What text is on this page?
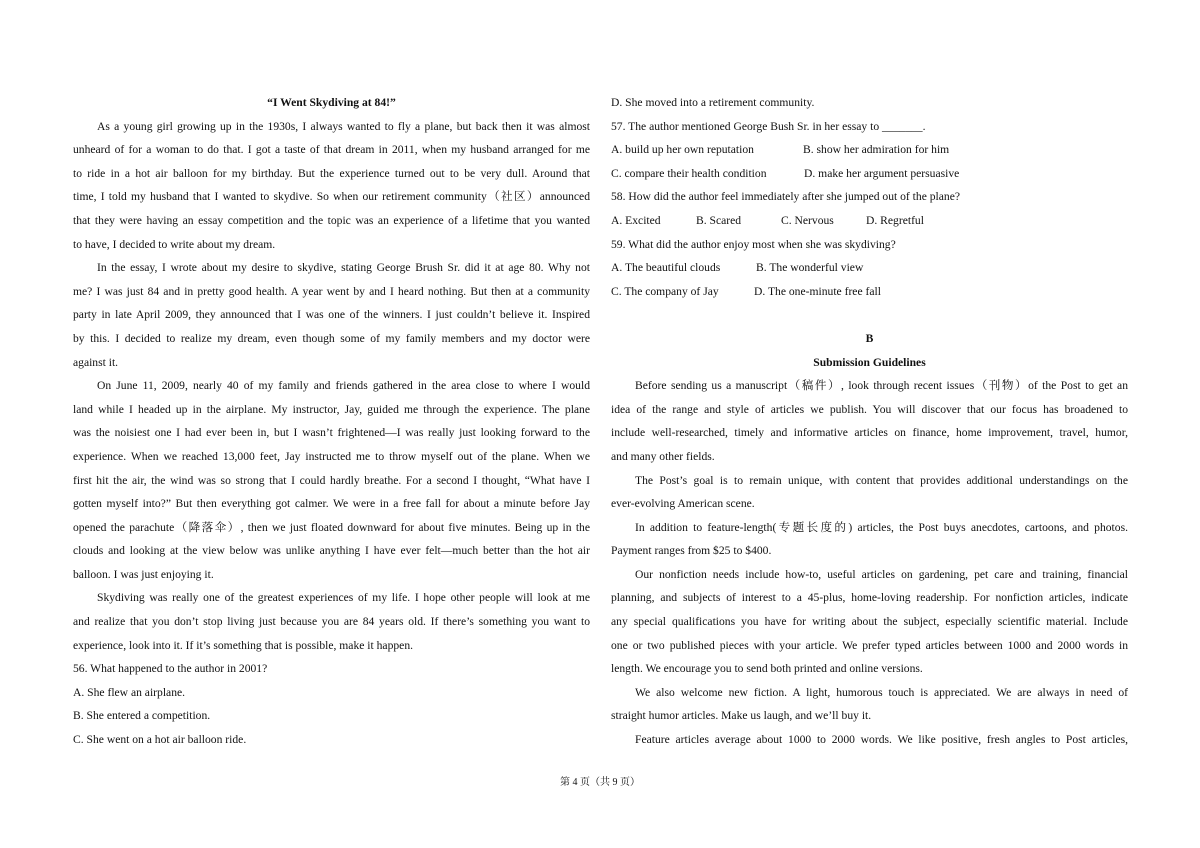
“I Went Skydiving at 84!”
As a young girl growing up in the 1930s, I always wanted to fly a plane, but back then it was almost
unheard of for a woman to do that. I got a taste of that dream in 2011, when my husband arranged for me
to ride in a hot air balloon for my birthday. But the experience turned out to be very dull. Around that
time, I told my husband that I wanted to skydive. So when our retirement community（社区）announced
that they were having an essay competition and the topic was an experience of a lifetime that you wanted
to have, I decided to write about my dream.
In the essay, I wrote about my desire to skydive, stating George Brush Sr. did it at age 80. Why not
me? I was just 84 and in pretty good health. A year went by and I heard nothing. But then at a community
party in late April 2009, they announced that I was one of the winners. I just couldn’t believe it. Inspired
by this. I decided to realize my dream, even though some of my family members and my doctor were
against it.
On June 11, 2009, nearly 40 of my family and friends gathered in the area close to where I would
land while I headed up in the airplane. My instructor, Jay, guided me through the experience. The plane
was the noisiest one I had ever been in, but I wasn’t frightened—I was really just looking forward to the
experience. When we reached 13,000 feet, Jay instructed me to throw myself out of the plane. When we
first hit the air, the wind was so strong that I could hardly breathe. For a second I thought, “What have I
gotten myself into?” But then everything got calmer. We were in a free fall for about a minute before Jay
opened the parachute（降落伞）, then we just floated downward for about five minutes. Being up in the
clouds and looking at the view below was unlike anything I have ever felt—much better than the hot air
balloon. I was just enjoying it.
Skydiving was really one of the greatest experiences of my life. I hope other people will look at me
and realize that you don’t stop living just because you are 84 years old. If there’s something you want to
experience, look into it. If it’s something that is possible, make it happen.
56. What happened to the author in 2001?
A. She flew an airplane.
B. She entered a competition.
C. She went on a hot air balloon ride.
D. She moved into a retirement community.
57. The author mentioned George Bush Sr. in her essay to _______.
A. build up her own reputation	B. show her admiration for him
C. compare their health condition	D. make her argument persuasive
58. How did the author feel immediately after she jumped out of the plane?
A. Excited	B. Scared	C. Nervous	D. Regretful
59. What did the author enjoy most when she was skydiving?
A. The beautiful clouds	B. The wonderful view
C. The company of Jay	D. The one-minute free fall
B
Submission Guidelines
Before sending us a manuscript（稿件）, look through recent issues（刊物）of the Post to get an
idea of the range and style of articles we publish. You will discover that our focus has broadened to
include well-researched, timely and informative articles on finance, home improvement, travel, humor,
and many other fields.
The Post’s goal is to remain unique, with content that provides additional understandings on the
ever-evolving American scene.
In addition to feature-length(专题长度的) articles, the Post buys anecdotes, cartoons, and photos.
Payment ranges from $25 to $400.
Our nonfiction needs include how-to, useful articles on gardening, pet care and training, financial
planning, and subjects of interest to a 45-plus, home-loving readership. For nonfiction articles, indicate
any special qualifications you have for writing about the subject, especially scientific material. Include
one or two published pieces with your article. We prefer typed articles between 1000 and 2000 words in
length. We encourage you to send both printed and online versions.
We also welcome new fiction. A light, humorous touch is appreciated. We are always in need of
straight humor articles. Make us laugh, and we’ll buy it.
Feature articles average about 1000 to 2000 words. We like positive, fresh angles to Post articles,
第 4 页（共 9 页）
